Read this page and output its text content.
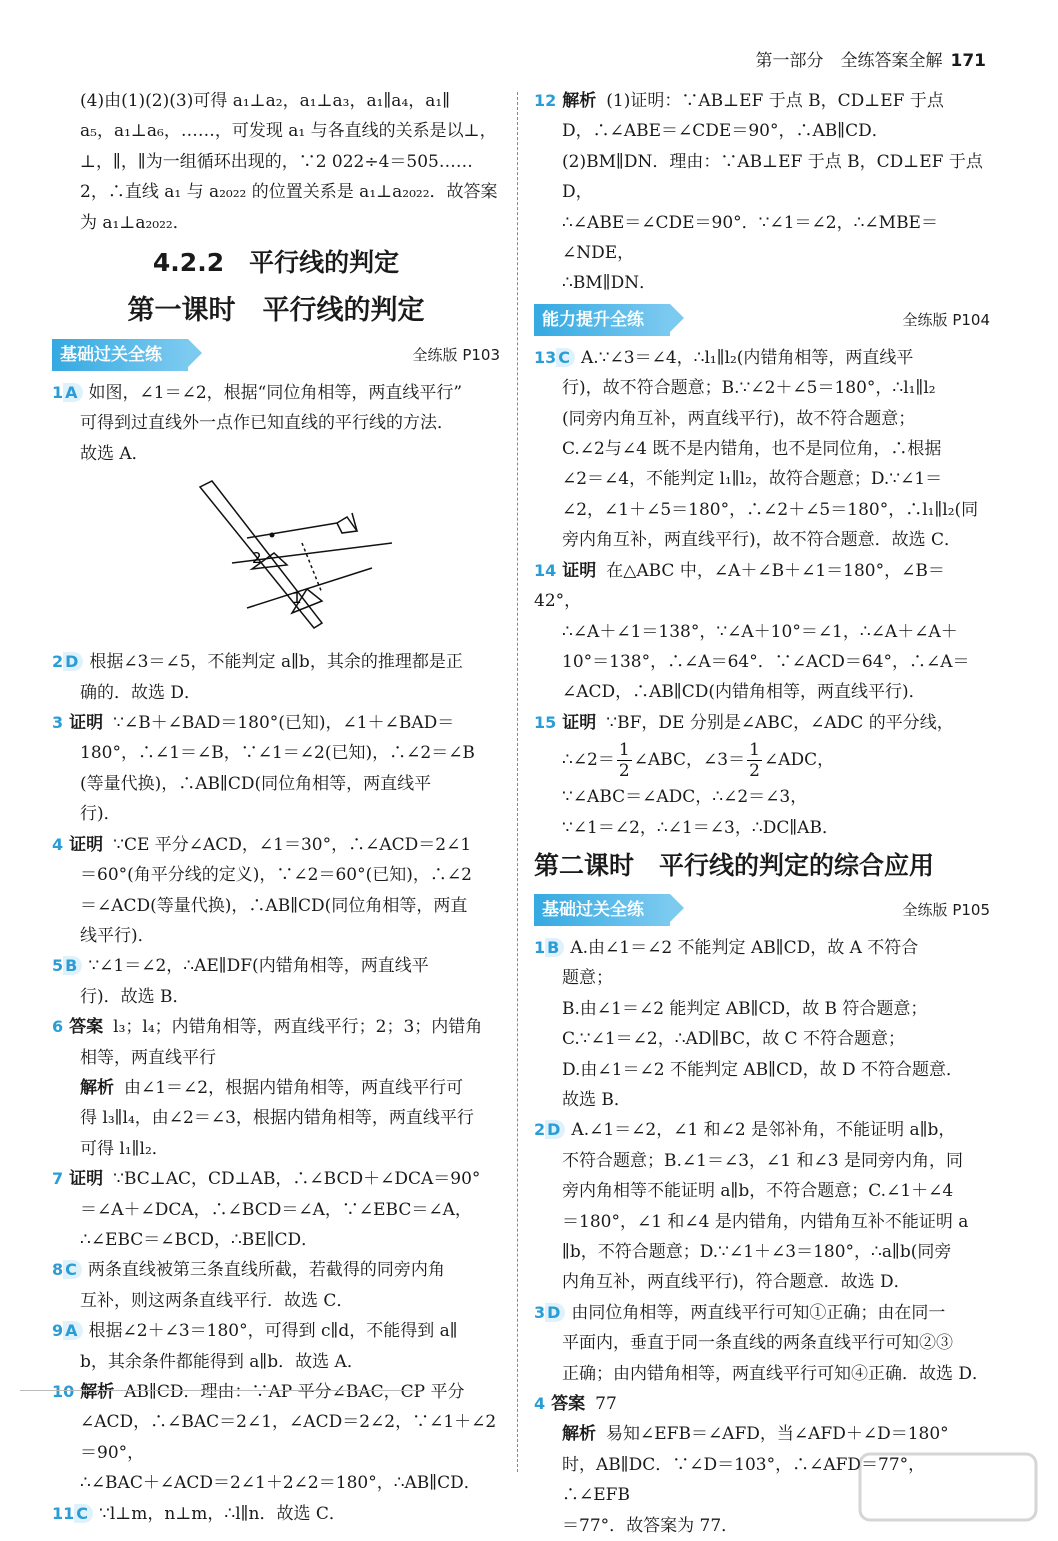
第一部分　全练答案全解 171
(4)由(1)(2)(3)可得 a₁⊥a₂，a₁⊥a₃，a₁∥a₄，a₁∥
a₅，a₁⊥a₆，……，可发现 a₁ 与各直线的关系是以⊥，
⊥，∥，∥为一组循环出现的，∵2 022÷4＝505……
2，∴直线 a₁ 与 a₂₀₂₂ 的位置关系是 a₁⊥a₂₀₂₂．故答案
为 a₁⊥a₂₀₂₂．
4.2.2　平行线的判定
第一课时　平行线的判定
基础过关全练	全练版 P103
1 A 如图，∠1＝∠2，根据“同位角相等，两直线平行”
可得到过直线外一点作已知直线的平行线的方法．
故选 A．
2
1
2 D 根据∠3＝∠5，不能判定 a∥b，其余的推理都是正
确的．故选 D．
3 证明 ∵∠B＋∠BAD＝180°(已知)，∠1＋∠BAD＝
180°，∴∠1＝∠B，∵∠1＝∠2(已知)，∴∠2＝∠B
(等量代换)，∴AB∥CD(同位角相等，两直线平
行)．
4 证明 ∵CE 平分∠ACD，∠1＝30°，∴∠ACD＝2∠1
＝60°(角平分线的定义)，∵∠2＝60°(已知)，∴∠2
＝∠ACD(等量代换)，∴AB∥CD(同位角相等，两直
线平行)．
5 B ∵∠1＝∠2，∴AE∥DF(内错角相等，两直线平
行)．故选 B．
6 答案 l₃；l₄；内错角相等，两直线平行；2；3；内错角
相等，两直线平行
解析 由∠1＝∠2，根据内错角相等，两直线平行可
得 l₃∥l₄，由∠2＝∠3，根据内错角相等，两直线平行
可得 l₁∥l₂．
7 证明 ∵BC⊥AC，CD⊥AB，∴∠BCD＋∠DCA＝90°
＝∠A＋∠DCA，∴∠BCD＝∠A，∵∠EBC＝∠A，
∴∠EBC＝∠BCD，∴BE∥CD．
8 C 两条直线被第三条直线所截，若截得的同旁内角
互补，则这两条直线平行．故选 C．
9 A 根据∠2＋∠3＝180°，可得到 c∥d，不能得到 a∥
b，其余条件都能得到 a∥b．故选 A．
10 解析 AB∥CD．理由：∵AP 平分∠BAC，CP 平分
∠ACD，∴∠BAC＝2∠1，∠ACD＝2∠2，∵∠1＋∠2＝90°，
∴∠BAC＋∠ACD＝2∠1＋2∠2＝180°，∴AB∥CD．
11 C ∵l⊥m，n⊥m，∴l∥n．故选 C．
12 解析 (1)证明：∵AB⊥EF 于点 B，CD⊥EF 于点
D，∴∠ABE＝∠CDE＝90°，∴AB∥CD．
(2)BM∥DN．理由：∵AB⊥EF 于点 B，CD⊥EF 于点 D，
∴∠ABE＝∠CDE＝90°．∵∠1＝∠2，∴∠MBE＝∠NDE，
∴BM∥DN．
能力提升全练	全练版 P104
13 C A.∵∠3＝∠4，∴l₁∥l₂(内错角相等，两直线平
行)，故不符合题意；B.∵∠2＋∠5＝180°，∴l₁∥l₂
(同旁内角互补，两直线平行)，故不符合题意；
C.∠2与∠4 既不是内错角，也不是同位角，∴根据
∠2＝∠4，不能判定 l₁∥l₂，故符合题意；D.∵∠1＝
∠2，∠1＋∠5＝180°，∴∠2＋∠5＝180°，∴l₁∥l₂(同
旁内角互补，两直线平行)，故不符合题意．故选 C．
14 证明 在△ABC 中，∠A＋∠B＋∠1＝180°，∠B＝42°，
∴∠A＋∠1＝138°，∵∠A＋10°＝∠1，∴∠A＋∠A＋
10°＝138°，∴∠A＝64°．∵∠ACD＝64°，∴∠A＝
∠ACD，∴AB∥CD(内错角相等，两直线平行)．
15 证明 ∵BF，DE 分别是∠ABC，∠ADC 的平分线，
∴∠2＝ $\frac{1}{2}$ ∠ABC，∠3＝ $\frac{1}{2}$ ∠ADC，
∵∠ABC＝∠ADC，∴∠2＝∠3，
∵∠1＝∠2，∴∠1＝∠3，∴DC∥AB．
第二课时　平行线的判定的综合应用
基础过关全练	全练版 P105
1 B A.由∠1＝∠2 不能判定 AB∥CD，故 A 不符合
题意；
B.由∠1＝∠2 能判定 AB∥CD，故 B 符合题意；
C.∵∠1＝∠2，∴AD∥BC，故 C 不符合题意；
D.由∠1＝∠2 不能判定 AB∥CD，故 D 不符合题意．
故选 B．
2 D A.∠1＝∠2，∠1 和∠2 是邻补角，不能证明 a∥b，
不符合题意；B.∠1＝∠3，∠1 和∠3 是同旁内角，同
旁内角相等不能证明 a∥b，不符合题意；C.∠1＋∠4
＝180°，∠1 和∠4 是内错角，内错角互补不能证明 a
∥b，不符合题意；D.∵∠1＋∠3＝180°，∴a∥b(同旁
内角互补，两直线平行)，符合题意．故选 D．
3 D 由同位角相等，两直线平行可知①正确；由在同一
平面内，垂直于同一条直线的两条直线平行可知②③
正确；由内错角相等，两直线平行可知④正确．故选 D．
4 答案 77
解析 易知∠EFB＝∠AFD，当∠AFD＋∠D＝180°
时，AB∥DC．∵∠D＝103°，∴∠AFD＝77°，∴∠EFB
＝77°．故答案为 77．
